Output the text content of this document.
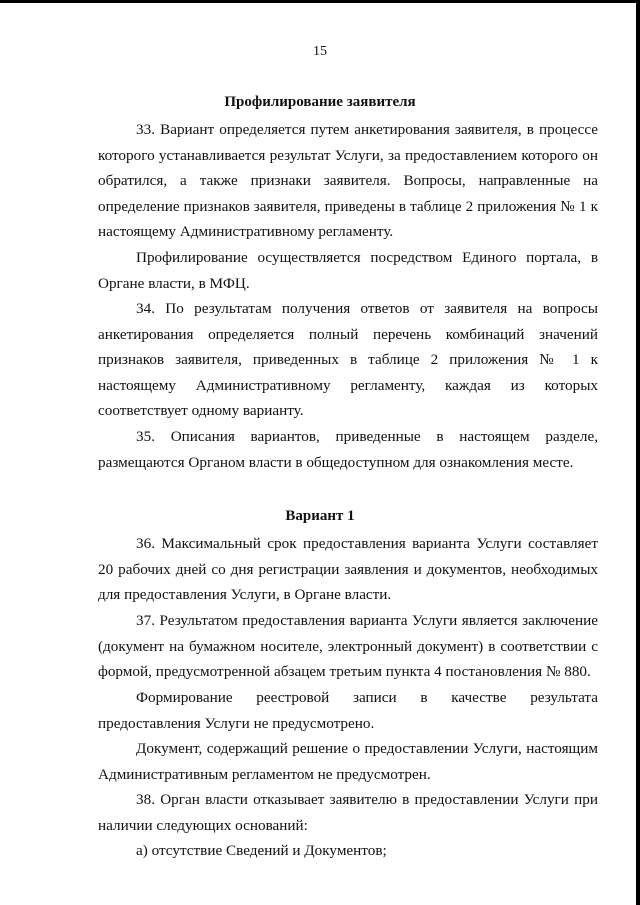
15
Профилирование заявителя

33. Вариант определяется путем анкетирования заявителя, в процессе которого устанавливается результат Услуги, за предоставлением которого он обратился, а также признаки заявителя. Вопросы, направленные на определение признаков заявителя, приведены в таблице 2 приложения № 1 к настоящему Административному регламенту.

Профилирование осуществляется посредством Единого портала, в Органе власти, в МФЦ.

34. По результатам получения ответов от заявителя на вопросы анкетирования определяется полный перечень комбинаций значений признаков заявителя, приведенных в таблице 2 приложения № 1 к настоящему Административному регламенту, каждая из которых соответствует одному варианту.

35. Описания вариантов, приведенные в настоящем разделе, размещаются Органом власти в общедоступном для ознакомления месте.

Вариант 1

36. Максимальный срок предоставления варианта Услуги составляет 20 рабочих дней со дня регистрации заявления и документов, необходимых для предоставления Услуги, в Органе власти.

37. Результатом предоставления варианта Услуги является заключение (документ на бумажном носителе, электронный документ) в соответствии с формой, предусмотренной абзацем третьим пункта 4 постановления № 880.

Формирование реестровой записи в качестве результата предоставления Услуги не предусмотрено.

Документ, содержащий решение о предоставлении Услуги, настоящим Административным регламентом не предусмотрен.

38. Орган власти отказывает заявителю в предоставлении Услуги при наличии следующих оснований:

а) отсутствие Сведений и Документов;
